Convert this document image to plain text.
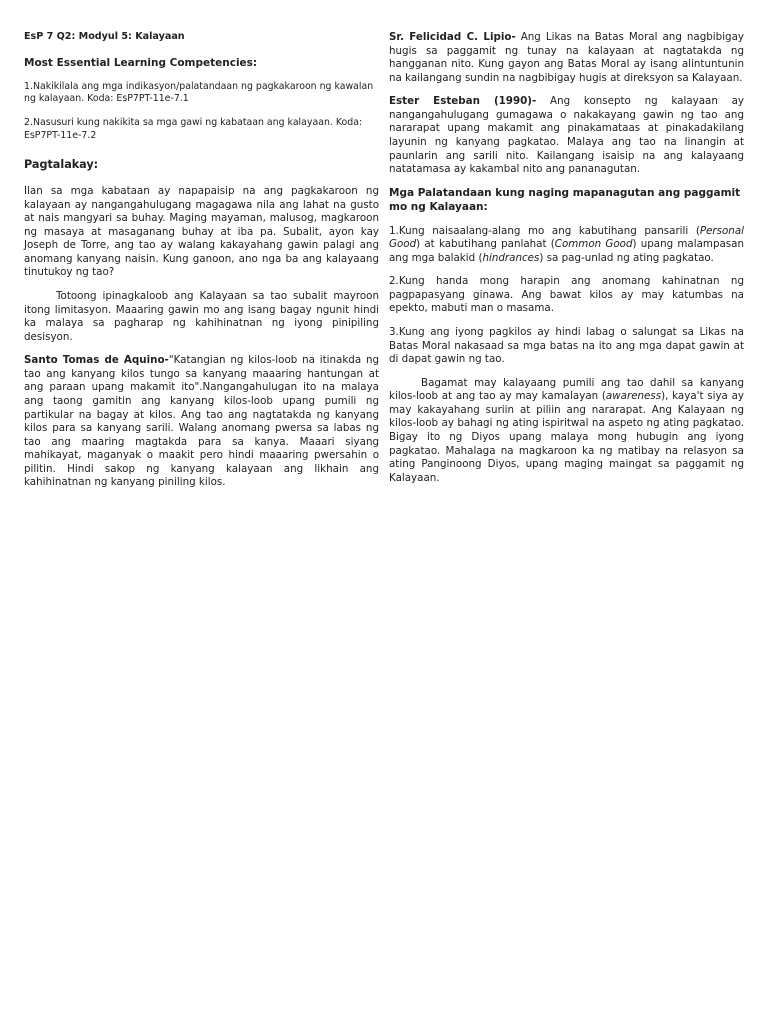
EsP 7 Q2: Modyul 5: Kalayaan

Most Essential Learning Competencies:

1.Nakikilala ang mga indikasyon/palatandaan ng pagkakaroon ng kawalan ng kalayaan. Koda: EsP7PT-11e-7.1

2.Nasusuri kung nakikita sa mga gawi ng kabataan ang kalayaan. Koda: EsP7PT-11e-7.2

Pagtalakay:

Ilan sa mga kabataan ay napapaisip na ang pagkakaroon ng kalayaan ay nangangahulugang magagawa nila ang lahat na gusto at nais mangyari sa buhay. Maging mayaman, malusog, magkaroon ng masaya at masaganang buhay at iba pa. Subalit, ayon kay Joseph de Torre, ang tao ay walang kakayahang gawin palagi ang anomang kanyang naisin. Kung ganoon, ano nga ba ang kalayaang tinutukoy ng tao?

Totoong ipinagkaloob ang Kalayaan sa tao subalit mayroon itong limitasyon. Maaaring gawin mo ang isang bagay ngunit hindi ka malaya sa pagharap ng kahihinatnan ng iyong pinipiling desisyon.

Santo Tomas de Aquino-"Katangian ng kilos-loob na itinakda ng tao ang kanyang kilos tungo sa kanyang maaaring hantungan at ang paraan upang makamit ito".Nangangahulugan ito na malaya ang taong gamitin ang kanyang kilos-loob upang pumili ng partikular na bagay at kilos. Ang tao ang nagtatakda ng kanyang kilos para sa kanyang sarili. Walang anomang pwersa sa labas ng tao ang maaring magtakda para sa kanya. Maaari siyang mahikayat, maganyak o maakit pero hindi maaaring pwersahin o pilitin. Hindi sakop ng kanyang kalayaan ang likhain ang kahihinatnan ng kanyang piniling kilos.

Sr. Felicidad C. Lipio- Ang Likas na Batas Moral ang nagbibigay hugis sa paggamit ng tunay na kalayaan at nagtatakda ng hangganan nito. Kung gayon ang Batas Moral ay isang alintuntunin na kailangang sundin na nagbibigay hugis at direksyon sa Kalayaan.

Ester Esteban (1990)- Ang konsepto ng kalayaan ay nangangahulugang gumagawa o nakakayang gawin ng tao ang nararapat upang makamit ang pinakamataas at pinakadakilang layunin ng kanyang pagkatao. Malaya ang tao na linangin at paunlarin ang sarili nito. Kailangang isaisip na ang kalayaang natatamasa ay kakambal nito ang pananagutan.

Mga Palatandaan kung naging mapanagutan ang paggamit mo ng Kalayaan:

1.Kung naisaalang-alang mo ang kabutihang pansarili (Personal Good) at kabutihang panlahat (Common Good) upang malampasan ang mga balakid (hindrances) sa pag-unlad ng ating pagkatao.

2.Kung handa mong harapin ang anomang kahinatnan ng pagpapasyang ginawa. Ang bawat kilos ay may katumbas na epekto, mabuti man o masama.

3.Kung ang iyong pagkilos ay hindi labag o salungat sa Likas na Batas Moral nakasaad sa mga batas na ito ang mga dapat gawin at di dapat gawin ng tao.

Bagamat may kalayaang pumili ang tao dahil sa kanyang kilos-loob at ang tao ay may kamalayan (awareness), kaya't siya ay may kakayahang suriin at piliin ang nararapat. Ang Kalayaan ng kilos-loob ay bahagi ng ating ispiritwal na aspeto ng ating pagkatao. Bigay ito ng Diyos upang malaya mong hubugin ang iyong pagkatao. Mahalaga na magkaroon ka ng matibay na relasyon sa ating Panginoong Diyos, upang maging maingat sa paggamit ng Kalayaan.
